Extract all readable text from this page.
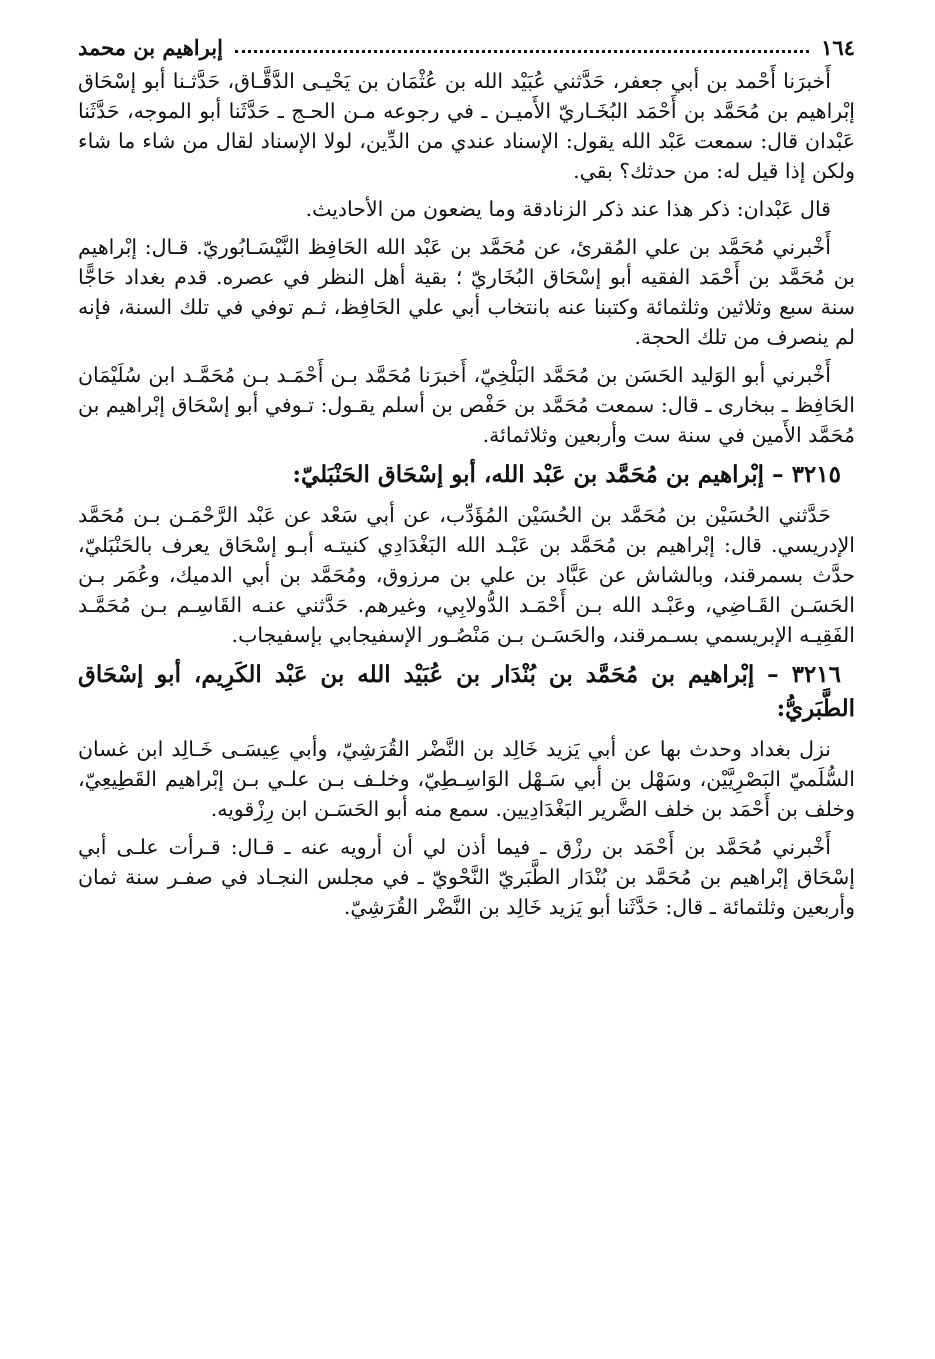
١٦٤
إبراهيم بن محمد

أَخبرَنا أَحْمد بن أبي جعفر، حَدَّثني عُبَيْد الله بن عُثْمَان بن يَحْيـى الدَّقَّـاق، حَدَّثـنا أبو إسْحَاق إبْراهيم بن مُحَمَّد بن أَحْمَد البُخَـاريّ الأَميـن ـ في رجوعه مـن الحـج ـ حَدَّثَنا أبو الموجه، حَدَّثَنا عَبْدان قال: سمعت عَبْد الله يقول: الإسناد عندي من الدِّين، لولا الإسناد لقال من شاء ما شاء ولكن إذا قيل له: من حدثك؟ بقي.

قال عَبْدان: ذكر هذا عند ذكر الزنادقة وما يضعون من الأحاديث.

أَخْبرني مُحَمَّد بن علي المُقرئ، عن مُحَمَّد بن عَبْد الله الحَافِظ النَّيْسَـابُوريّ. قـال: إبْراهيم بن مُحَمَّد بن أَحْمَد الفقيه أبو إسْحَاق البُخَاريّ ؛ بقية أهل النظر في عصره. قدم بغداد حَاجًّا سنة سبع وثلاثين وثلثمائة وكتبنا عنه بانتخاب أبي علي الحَافِظ، ثـم توفي في تلك السنة، فإنه لم ينصرف من تلك الحجة.

أَخْبرني أبو الوَليد الحَسَن بن مُحَمَّد البَلْخِيّ، أَخبرَنا مُحَمَّد بـن أَحْمَـد بـن مُحَمَّـد ابن سُلَيْمَان الحَافِظ ـ ببخارى ـ قال: سمعت مُحَمَّد بن حَفْص بن أسلم يقـول: تـوفي أبو إسْحَاق إبْراهيم بن مُحَمَّد الأَمين في سنة ست وأربعين وثلاثمائة.

٣٢١٥ – إبْراهيم بن مُحَمَّد بن عَبْد الله، أبو إسْحَاق الحَنْبَليّ:

حَدَّثني الحُسَيْن بن مُحَمَّد بن الحُسَيْن المُؤَدِّب، عن أبي سَعْد عن عَبْد الرَّحْمَـن بـن مُحَمَّد الإدريسي. قال: إبْراهيم بن مُحَمَّد بن عَبْـد الله البَغْدَادِي كنيتـه أبـو إسْحَاق يعرف بالحَنْبَليّ، حدَّث بسمرقند، وبالشاش عن عَبَّاد بن علي بن مرزوق، ومُحَمَّد بن أبي الدميك، وعُمَر بـن الحَسَـن القَـاضِي، وعَبْـد الله بـن أَحْمَـد الدُّولابِي، وغيرهم. حَدَّثني عنـه القَاسِـم بـن مُحَمَّـد الفَقِيـه الإبريسمي بسـمرقند، والحَسَـن بـن مَنْصُـور الإسفيجابي بإسفيجاب.

٣٢١٦ – إبْراهيم بن مُحَمَّد بن بُنْدَار بن عُبَيْد الله بن عَبْد الكَرِيم، أبو إسْحَاق الطَّبَريُّ:

نزل بغداد وحدث بها عن أبي يَزيد خَالِد بن النَّضْر القُرَشِيّ، وأبي عِيسَـى خَـالِد ابن غسان السُّلَميّ البَصْرِيَّيْن، وسَهْل بن أبي سَـهْل الوَاسِـطِيّ، وخلـف بـن علـي بـن إبْراهيم القَطِيعِيّ، وخلف بن أَحْمَد بن خلف الضَّرير البَغْدَادِيين. سمع منه أبو الحَسَـن ابن رِزْقويه.

أَخْبرني مُحَمَّد بن أَحْمَد بن رزْق ـ فيما أذن لي أن أرويه عنه ـ قـال: قـرأت علـى أبي إسْحَاق إبْراهيم بن مُحَمَّد بن بُنْدَار الطَّبَريّ النَّحْويّ ـ في مجلس النجـاد في صفـر سنة ثمان وأربعين وثلثمائة ـ قال: حَدَّثَنا أبو يَزيد خَالِد بن النَّضْر القُرَشِيّ.
